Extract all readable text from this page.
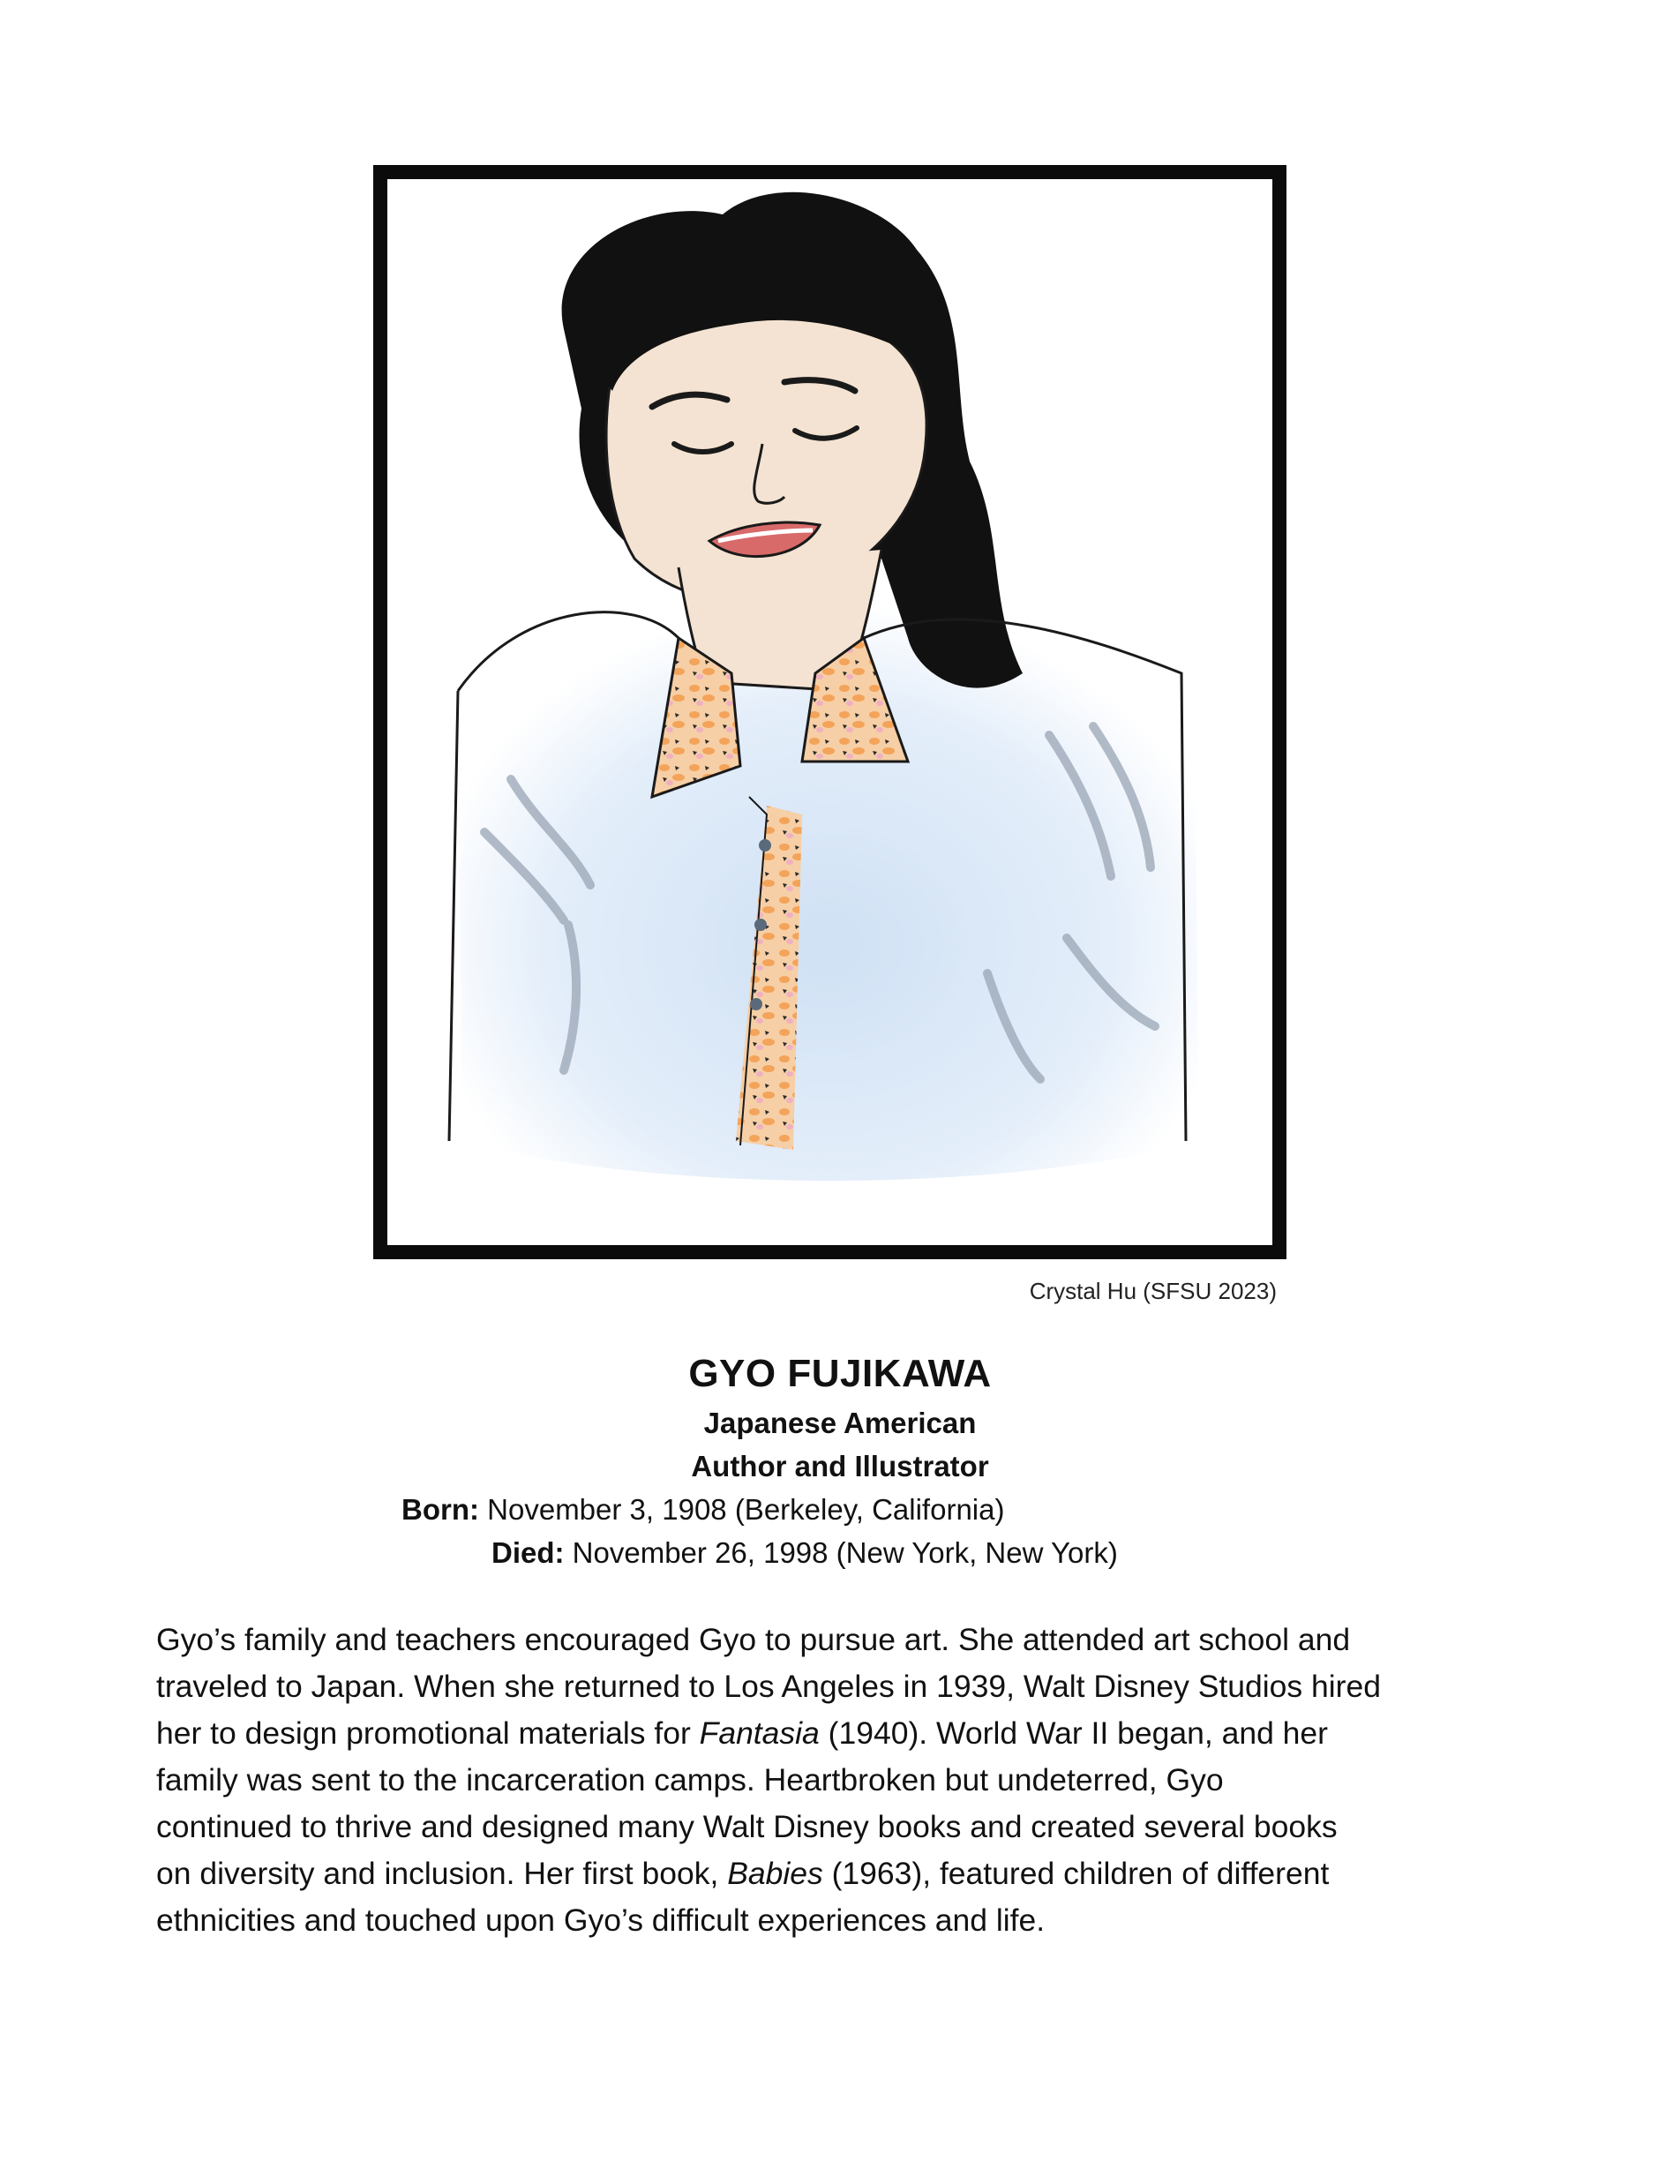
Crystal Hu (SFSU 2023)
GYO FUJIKAWA
Japanese American
Author and Illustrator
Born: November 3, 1908 (Berkeley, California)
Died: November 26, 1998 (New York, New York)

Gyo’s family and teachers encouraged Gyo to pursue art. She attended art school and

traveled to Japan. When she returned to Los Angeles in 1939, Walt Disney Studios hired

her to design promotional materials for Fantasia (1940). World War II began, and her

family was sent to the incarceration camps. Heartbroken but undeterred, Gyo

continued to thrive and designed many Walt Disney books and created several books

on diversity and inclusion. Her first book, Babies (1963), featured children of different

ethnicities and touched upon Gyo’s difficult experiences and life.
